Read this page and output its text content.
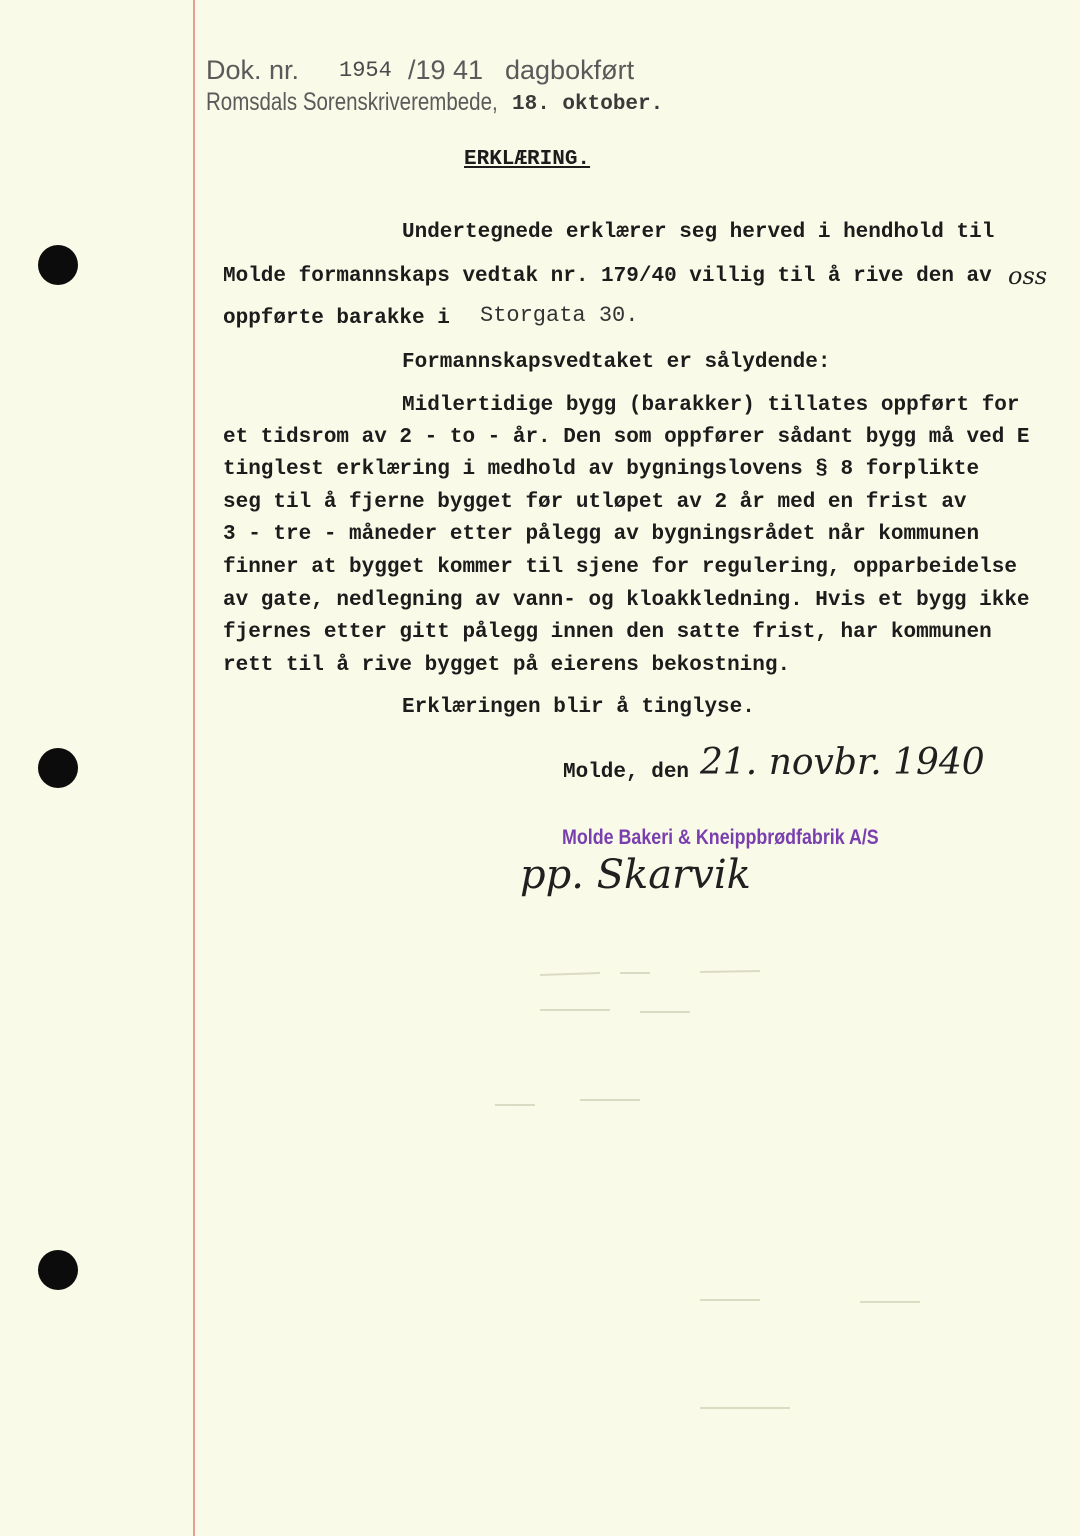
Dok. nr. 1954 /19 41 dagbokført
Romsdals Sorenskriverembede, 18. oktober.
ERKLÆRING.
Undertegnede erklærer seg herved i hendhold til
Molde formannskaps vedtak nr. 179/40 villig til å rive den av oss
oppførte barakke i Storgata 30.
Formannskapsvedtaket er sålydende:
Midlertidige bygg (barakker) tillates oppført for
et tidsrom av 2 - to - år. Den som oppfører sådant bygg må ved E
tinglest erklæring i medhold av bygningslovens § 8 forplikte
seg til å fjerne bygget før utløpet av 2 år med en frist av
3 - tre - måneder etter pålegg av bygningsrådet når kommunen
finner at bygget kommer til sjene for regulering, opparbeidelse
av gate, nedlegning av vann- og kloakkledning. Hvis et bygg ikke
fjernes etter gitt pålegg innen den satte frist, har kommunen
rett til å rive bygget på eierens bekostning.
Erklæringen blir å tinglyse.
Molde, den 21. novbr. 1940
Molde Bakeri & Kneippbrødfabrik A/S
pp. Skarvik
